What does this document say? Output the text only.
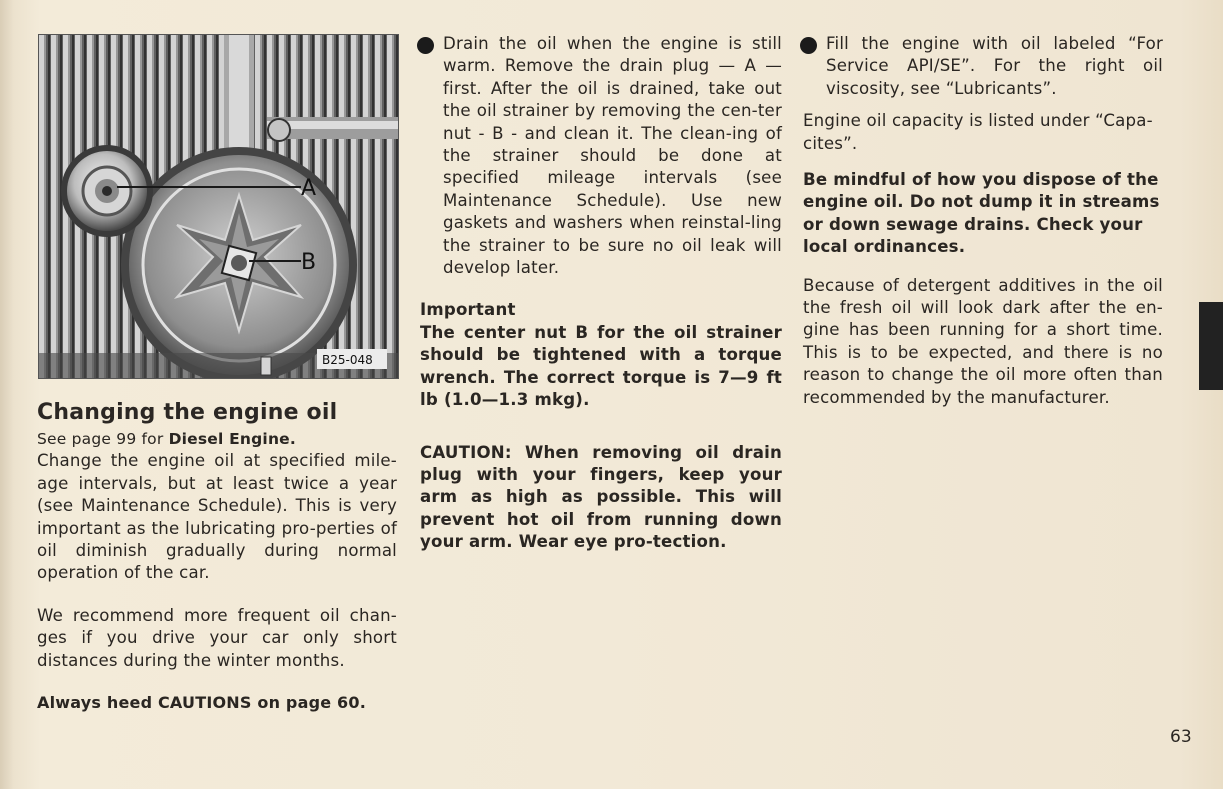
A
B
B25-048
Changing the engine oil

See page 99 for Diesel Engine.

Change the engine oil at specified mile-age intervals, but at least twice a year (see Maintenance Schedule). This is very important as the lubricating pro-perties of oil diminish gradually during normal operation of the car.

We recommend more frequent oil chan-ges if you drive your car only short distances during the winter months.

Always heed CAUTIONS on page 60.

Drain the oil when the engine is still warm. Remove the drain plug — A — first. After the oil is drained, take out the oil strainer by removing the cen-ter nut - B - and clean it. The clean-ing of the strainer should be done at specified mileage intervals (see Maintenance Schedule). Use new gaskets and washers when reinstal-ling the strainer to be sure no oil leak will develop later.

Important

The center nut B for the oil strainer should be tightened with a torque wrench. The correct torque is 7—9 ft lb (1.0—1.3 mkg).

CAUTION: When removing oil drain plug with your fingers, keep your arm as high as possible. This will prevent hot oil from running down your arm. Wear eye pro-tection.

Fill the engine with oil labeled “For Service API/SE”. For the right oil viscosity, see “Lubricants”.

Engine oil capacity is listed under “Capa-cites”.

Be mindful of how you dispose of the engine oil. Do not dump it in streams or down sewage drains. Check your local ordinances.

Because of detergent additives in the oil the fresh oil will look dark after the en-gine has been running for a short time. This is to be expected, and there is no reason to change the oil more often than recommended by the manufacturer.

63
